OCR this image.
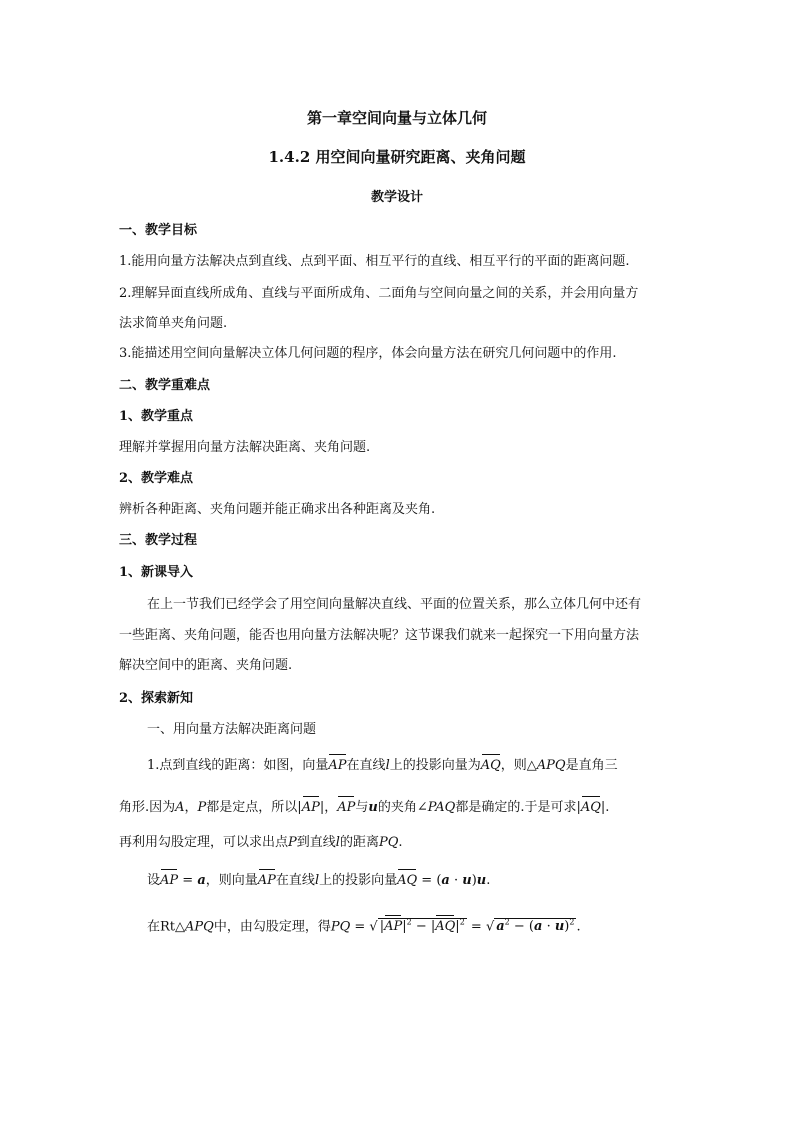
第一章空间向量与立体几何
1.4.2 用空间向量研究距离、夹角问题
教学设计
一、教学目标
1.能用向量方法解决点到直线、点到平面、相互平行的直线、相互平行的平面的距离问题.
2.理解异面直线所成角、直线与平面所成角、二面角与空间向量之间的关系，并会用向量方
法求简单夹角问题.
3.能描述用空间向量解决立体几何问题的程序，体会向量方法在研究几何问题中的作用.
二、教学重难点
1、教学重点
理解并掌握用向量方法解决距离、夹角问题.
2、教学难点
辨析各种距离、夹角问题并能正确求出各种距离及夹角.
三、教学过程
1、新课导入
在上一节我们已经学会了用空间向量解决直线、平面的位置关系，那么立体几何中还有
一些距离、夹角问题，能否也用向量方法解决呢？这节课我们就来一起探究一下用向量方法
解决空间中的距离、夹角问题.
2、探索新知
一、用向量方法解决距离问题
1.点到直线的距离：如图，向量AP在直线l上的投影向量为AQ，则△APQ是直角三
角形.因为A，P都是定点，所以|AP|，AP与u的夹角∠PAQ都是确定的.于是可求|AQ|.
再利用勾股定理，可以求出点P到直线l的距离PQ.
设AP = a，则向量AP在直线l上的投影向量AQ = (a · u)u.
在Rt△APQ中，由勾股定理，得PQ = √ $|AP|^2 - |AQ|^2$ = √ $a^2 - (a \cdot u)^2$ .
